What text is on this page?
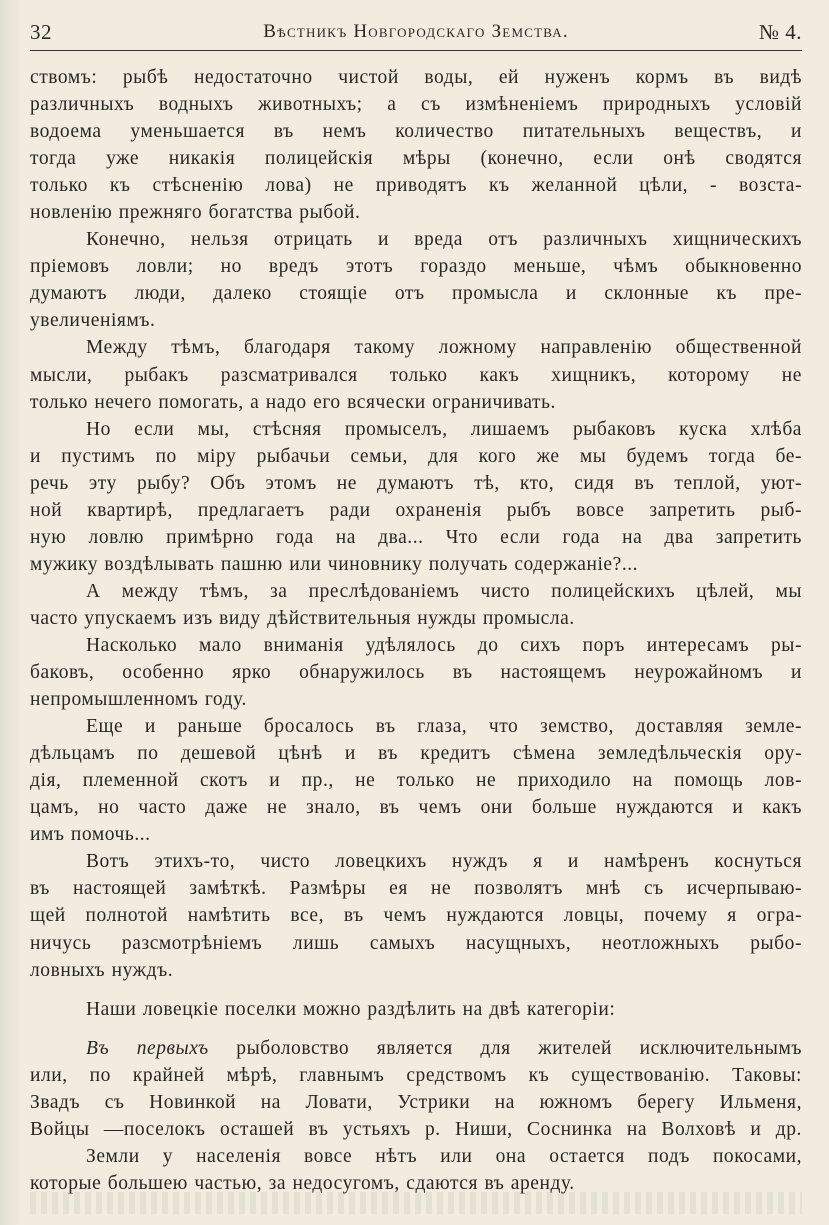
32	Вѣстникъ Новгородскаго Земства.	№ 4.

ствомъ: рыбѣ недостаточно чистой воды, ей нуженъ кормъ въ видѣ

различныхъ водныхъ животныхъ; а съ измѣненіемъ природныхъ условій

водоема уменьшается въ немъ количество питательныхъ веществъ, и

тогда уже никакія полицейскія мѣры (конечно, если онѣ сводятся

только къ стѣсненію лова) не приводятъ къ желанной цѣли, - возста-

новленію прежняго богатства рыбой.

Конечно, нельзя отрицать и вреда отъ различныхъ хищническихъ

пріемовъ ловли; но вредъ этотъ гораздо меньше, чѣмъ обыкновенно

думаютъ люди, далеко стоящіе отъ промысла и склонные къ пре-

увеличеніямъ.

Между тѣмъ, благодаря такому ложному направленію общественной

мысли, рыбакъ разсматривался только какъ хищникъ, которому не

только нечего помогать, а надо его всячески ограничивать.

Но если мы, стѣсняя промыселъ, лишаемъ рыбаковъ куска хлѣба

и пустимъ по міру рыбачьи семьи, для кого же мы будемъ тогда бе-

речь эту рыбу? Объ этомъ не думаютъ тѣ, кто, сидя въ теплой, уют-

ной квартирѣ, предлагаетъ ради охраненія рыбъ вовсе запретить рыб-

ную ловлю примѣрно года на два... Что если года на два запретить

мужику воздѣлывать пашню или чиновнику получать содержаніе?...

А между тѣмъ, за преслѣдованіемъ чисто полицейскихъ цѣлей, мы

часто упускаемъ изъ виду дѣйствительныя нужды промысла.

Насколько мало вниманія удѣлялось до сихъ поръ интересамъ ры-

баковъ, особенно ярко обнаружилось въ настоящемъ неурожайномъ и

непромышленномъ году.

Еще и раньше бросалось въ глаза, что земство, доставляя земле-

дѣльцамъ по дешевой цѣнѣ и въ кредитъ сѣмена земледѣльческія ору-

дія, племенной скотъ и пр., не только не приходило на помощь лов-

цамъ, но часто даже не знало, въ чемъ они больше нуждаются и какъ

имъ помочь...

Вотъ этихъ-то, чисто ловецкихъ нуждъ я и намѣренъ коснуться

въ настоящей замѣткѣ. Размѣры ея не позволятъ мнѣ съ исчерпываю-

щей полнотой намѣтить все, въ чемъ нуждаются ловцы, почему я огра-

ничусь разсмотрѣніемъ лишь самыхъ насущныхъ, неотложныхъ рыбо-

ловныхъ нуждъ.

Наши ловецкіе поселки можно раздѣлить на двѣ категоріи:

Въ первыхъ рыболовство является для жителей исключительнымъ

или, по крайней мѣрѣ, главнымъ средствомъ къ существованію. Таковы:

Звадъ съ Новинкой на Ловати, Устрики на южномъ берегу Ильменя,

Войцы —поселокъ осташей въ устьяхъ р. Ниши, Соснинка на Волховѣ и др.

Земли у населенія вовсе нѣтъ или она остается подъ покосами,

которые большею частью, за недосугомъ, сдаются въ аренду.
